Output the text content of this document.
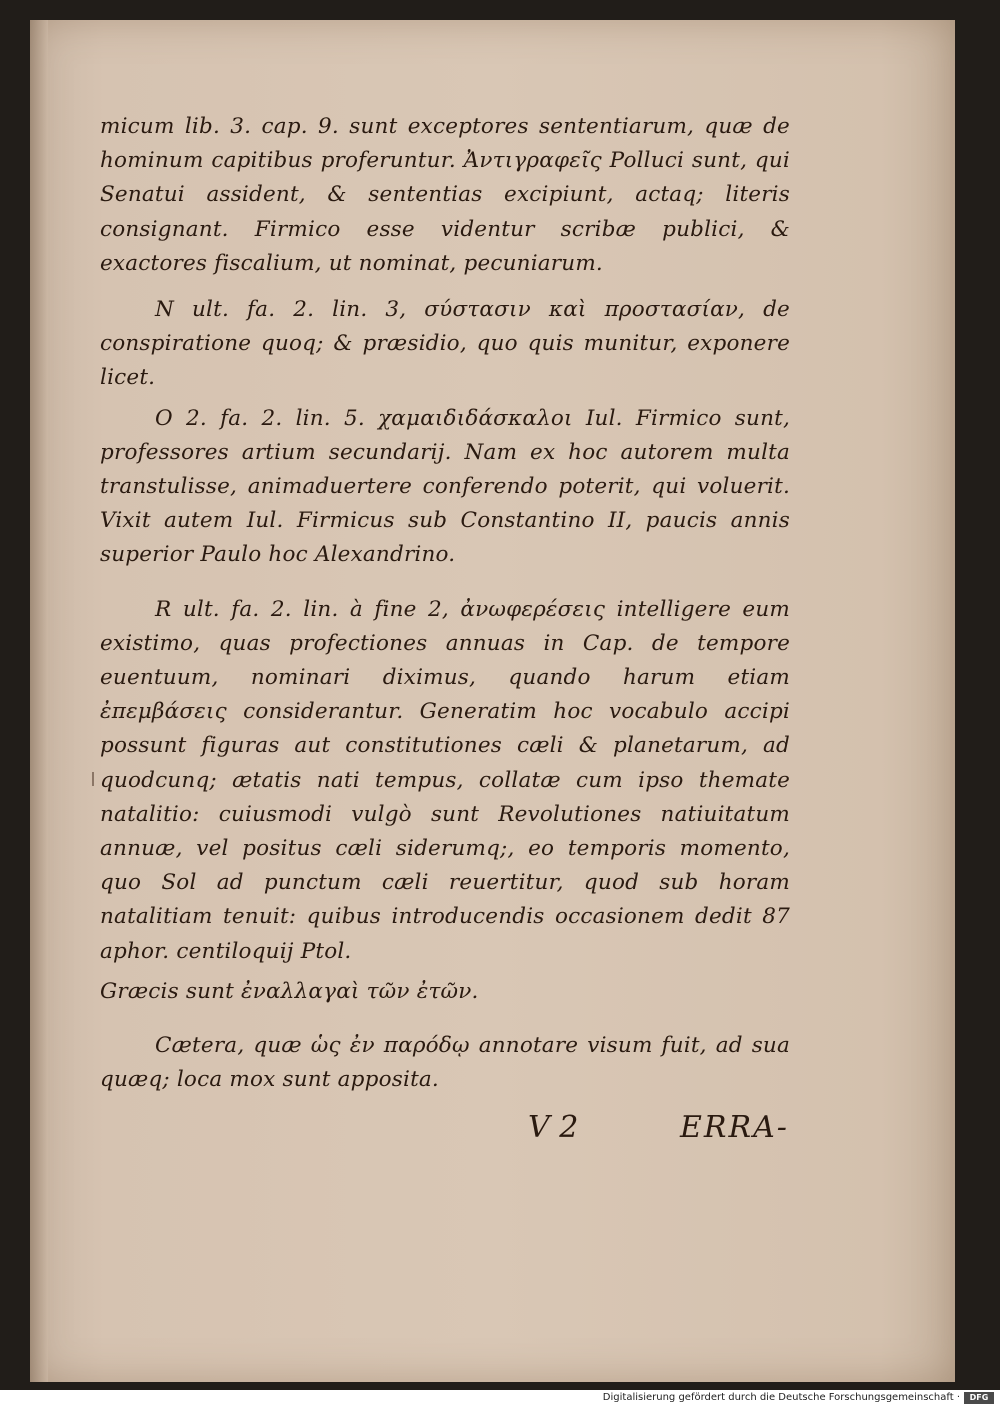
micum lib. 3. cap. 9. sunt exceptores sententiarum, quæ de hominum capitibus proferuntur. Ἀντιγραφεῖς Polluci sunt, qui Senatui assident, & sententias excipiunt, actaq; literis consignant. Firmico esse videntur scribæ publici, & exactores fiscalium, ut nominat, pecuniarum.

N ult. fa. 2. lin. 3, σύστασιν καὶ προστασίαν, de conspiratione quoq; & præsidio, quo quis munitur, exponere licet.

O 2. fa. 2. lin. 5. χαμαιδιδάσκαλοι Iul. Firmico sunt, professores artium secundarij. Nam ex hoc autorem multa transtulisse, animaduertere conferendo poterit, qui voluerit. Vixit autem Iul. Firmicus sub Constantino II, paucis annis superior Paulo hoc Alexandrino.

R ult. fa. 2. lin. à fine 2, ἀνωφερέσεις intelligere eum existimo, quas profectiones annuas in Cap. de tempore euentuum, nominari diximus, quando harum etiam ἐπεμβάσεις considerantur. Generatim hoc vocabulo accipi possunt figuras aut constitutiones cæli & planetarum, ad quodcunq; ætatis nati tempus, collatæ cum ipso themate natalitio: cuiusmodi vulgò sunt Revolutiones natiuitatum annuæ, vel positus cæli siderumq;, eo temporis momento, quo Sol ad punctum cæli reuertitur, quod sub horam natalitiam tenuit: quibus introducendis occasionem dedit 87 aphor. centiloquij Ptol.

Græcis sunt ἐναλλαγαὶ τῶν ἐτῶν.

Cætera, quæ ὡς ἐν παρόδῳ annotare visum fuit, ad sua quæq; loca mox sunt apposita.

V 2	ERRA-
Digitalisierung gefördert durch die Deutsche Forschungsgemeinschaft ·	DFG
